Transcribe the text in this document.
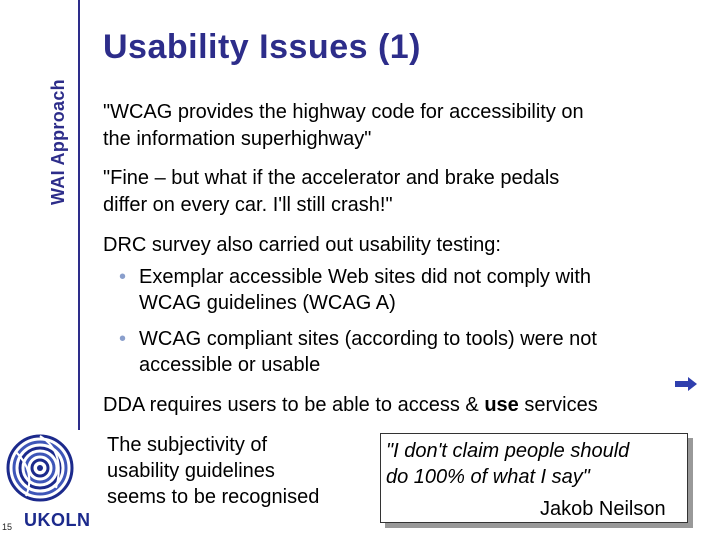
WAI Approach
UKOLN
15
Usability Issues (1)
"WCAG provides the highway code for accessibility on
the information superhighway"
"Fine – but what if the accelerator and brake pedals
differ on every car. I'll still crash!"
DRC survey also carried out usability testing:
• Exemplar accessible Web sites did not comply with
WCAG guidelines (WCAG A)
• WCAG compliant sites (according to tools) were not
accessible or usable
DDA requires users to be able to access & use services
The subjectivity of
usability guidelines
seems to be recognised
"I don't claim people should
do 100% of what I say"
Jakob Neilson
